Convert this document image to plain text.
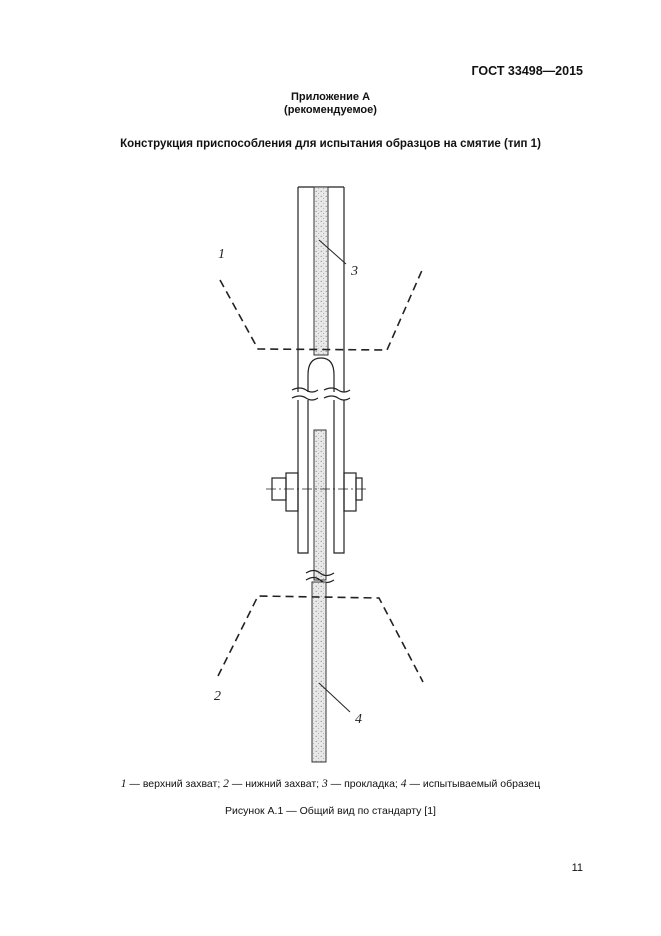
ГОСТ 33498—2015
Приложение А
(рекомендуемое)
Конструкция приспособления для испытания образцов на смятие (тип 1)
1
2
3
4
1 — верхний захват; 2 — нижний захват; 3 — прокладка; 4 — испытываемый образец
Рисунок А.1 — Общий вид по стандарту [1]
11
